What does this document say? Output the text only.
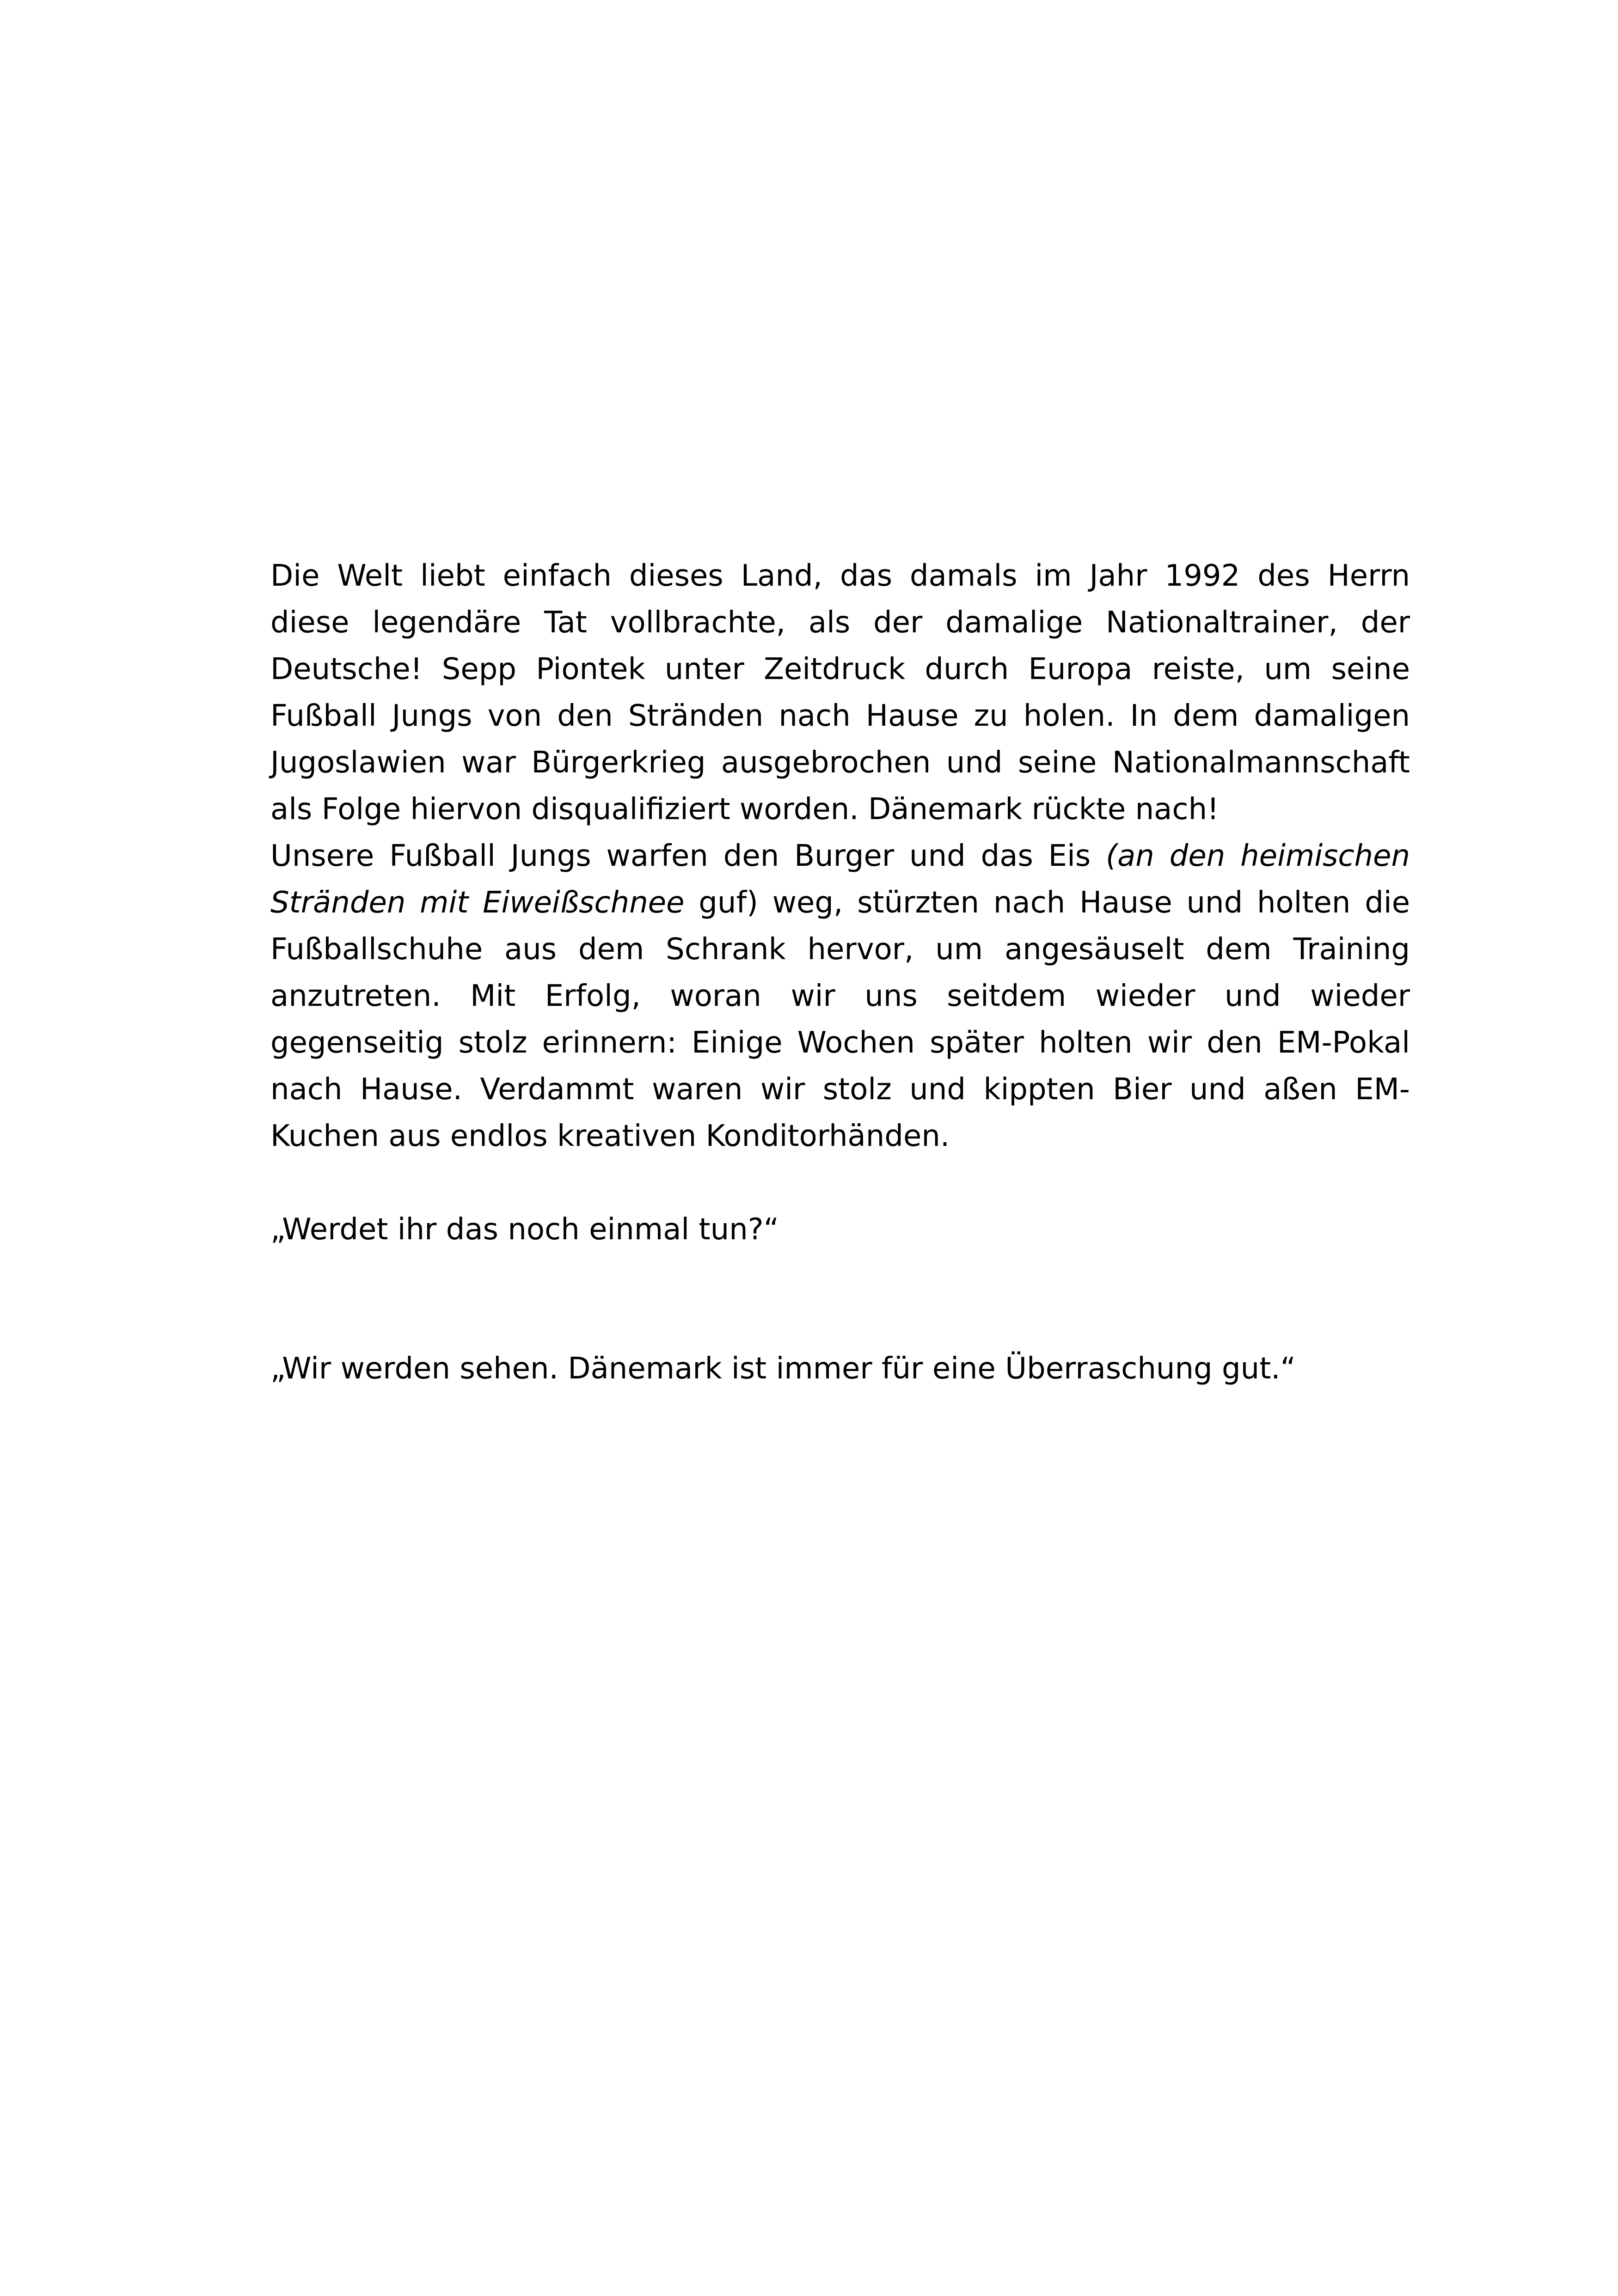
Die Welt liebt einfach dieses Land, das damals im Jahr 1992 des Herrn
diese legendäre Tat vollbrachte, als der damalige Nationaltrainer, der
Deutsche! Sepp Piontek unter Zeitdruck durch Europa reiste, um seine
Fußball Jungs von den Stränden nach Hause zu holen. In dem damaligen
Jugoslawien war Bürgerkrieg ausgebrochen und seine Nationalmannschaft
als Folge hiervon disqualifiziert worden. Dänemark rückte nach!
Unsere Fußball Jungs warfen den Burger und das Eis (an den heimischen
Stränden mit Eiweißschnee guf) weg, stürzten nach Hause und holten die
Fußballschuhe aus dem Schrank hervor, um angesäuselt dem Training
anzutreten. Mit Erfolg, woran wir uns seitdem wieder und wieder
gegenseitig stolz erinnern: Einige Wochen später holten wir den EM-Pokal
nach Hause. Verdammt waren wir stolz und kippten Bier und aßen EM-
Kuchen aus endlos kreativen Konditorhänden.

„Werdet ihr das noch einmal tun?“

„Wir werden sehen. Dänemark ist immer für eine Überraschung gut.“
